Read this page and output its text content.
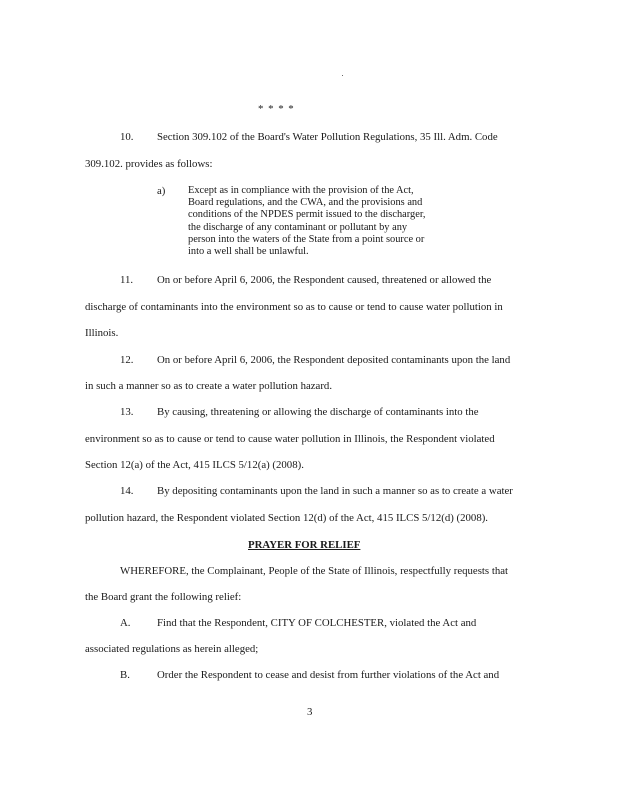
* * * *
10. Section 309.102 of the Board's Water Pollution Regulations, 35 Ill. Adm. Code
309.102. provides as follows:
a) Except as in compliance with the provision of the Act,
Board regulations, and the CWA, and the provisions and
conditions of the NPDES permit issued to the discharger,
the discharge of any contaminant or pollutant by any
person into the waters of the State from a point source or
into a well shall be unlawful.
11. On or before April 6, 2006, the Respondent caused, threatened or allowed the
discharge of contaminants into the environment so as to cause or tend to cause water pollution in
Illinois.
12. On or before April 6, 2006, the Respondent deposited contaminants upon the land
in such a manner so as to create a water pollution hazard.
13. By causing, threatening or allowing the discharge of contaminants into the
environment so as to cause or tend to cause water pollution in Illinois, the Respondent violated
Section 12(a) of the Act, 415 ILCS 5/12(a) (2008).
14. By depositing contaminants upon the land in such a manner so as to create a water
pollution hazard, the Respondent violated Section 12(d) of the Act, 415 ILCS 5/12(d) (2008).
PRAYER FOR RELIEF
WHEREFORE, the Complainant, People of the State of Illinois, respectfully requests that
the Board grant the following relief:
A. Find that the Respondent, CITY OF COLCHESTER, violated the Act and
associated regulations as herein alleged;
B.	Order the Respondent to cease and desist from further violations of the Act and
3
